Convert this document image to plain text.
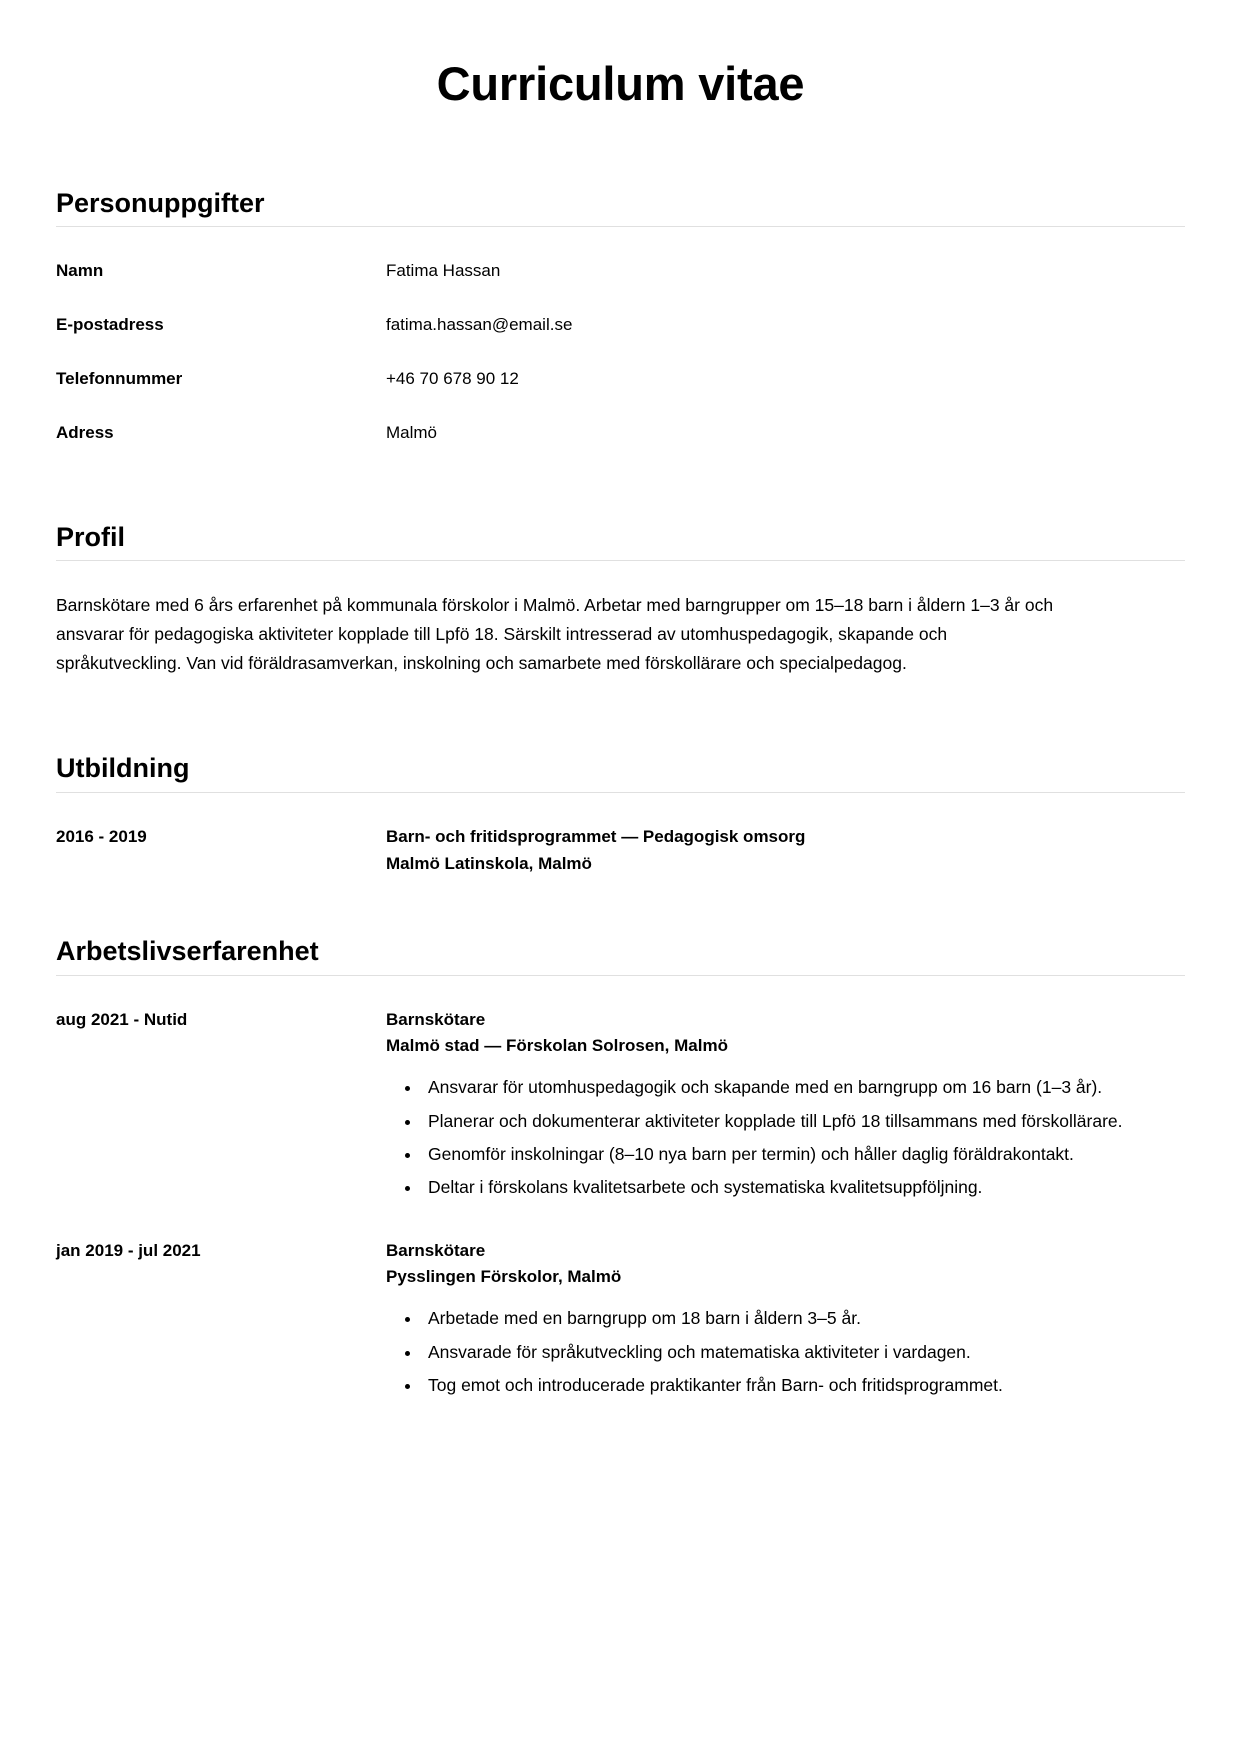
Curriculum vitae
Personuppgifter
Namn	Fatima Hassan
E-postadress	fatima.hassan@email.se
Telefonnummer	+46 70 678 90 12
Adress	Malmö
Profil

Barnskötare med 6 års erfarenhet på kommunala förskolor i Malmö. Arbetar med barngrupper om 15–18 barn i åldern 1–3 år och ansvarar för pedagogiska aktiviteter kopplade till Lpfö 18. Särskilt intresserad av utomhuspedagogik, skapande och språkutveckling. Van vid föräldrasamverkan, inskolning och samarbete med förskollärare och specialpedagog.

Utbildning
2016 - 2019	Barn- och fritidsprogrammet — Pedagogisk omsorg
Malmö Latinskola, Malmö
Arbetslivserfarenhet
aug 2021 - Nutid	Barnskötare
Malmö stad — Förskolan Solrosen, Malmö
• Ansvarar för utomhuspedagogik och skapande med en barngrupp om 16 barn (1–3 år).
• Planerar och dokumenterar aktiviteter kopplade till Lpfö 18 tillsammans med förskollärare.
• Genomför inskolningar (8–10 nya barn per termin) och håller daglig föräldrakontakt.
• Deltar i förskolans kvalitetsarbete och systematiska kvalitetsuppföljning.
jan 2019 - jul 2021	Barnskötare
Pysslingen Förskolor, Malmö
• Arbetade med en barngrupp om 18 barn i åldern 3–5 år.
• Ansvarade för språkutveckling och matematiska aktiviteter i vardagen.
• Tog emot och introducerade praktikanter från Barn- och fritidsprogrammet.
